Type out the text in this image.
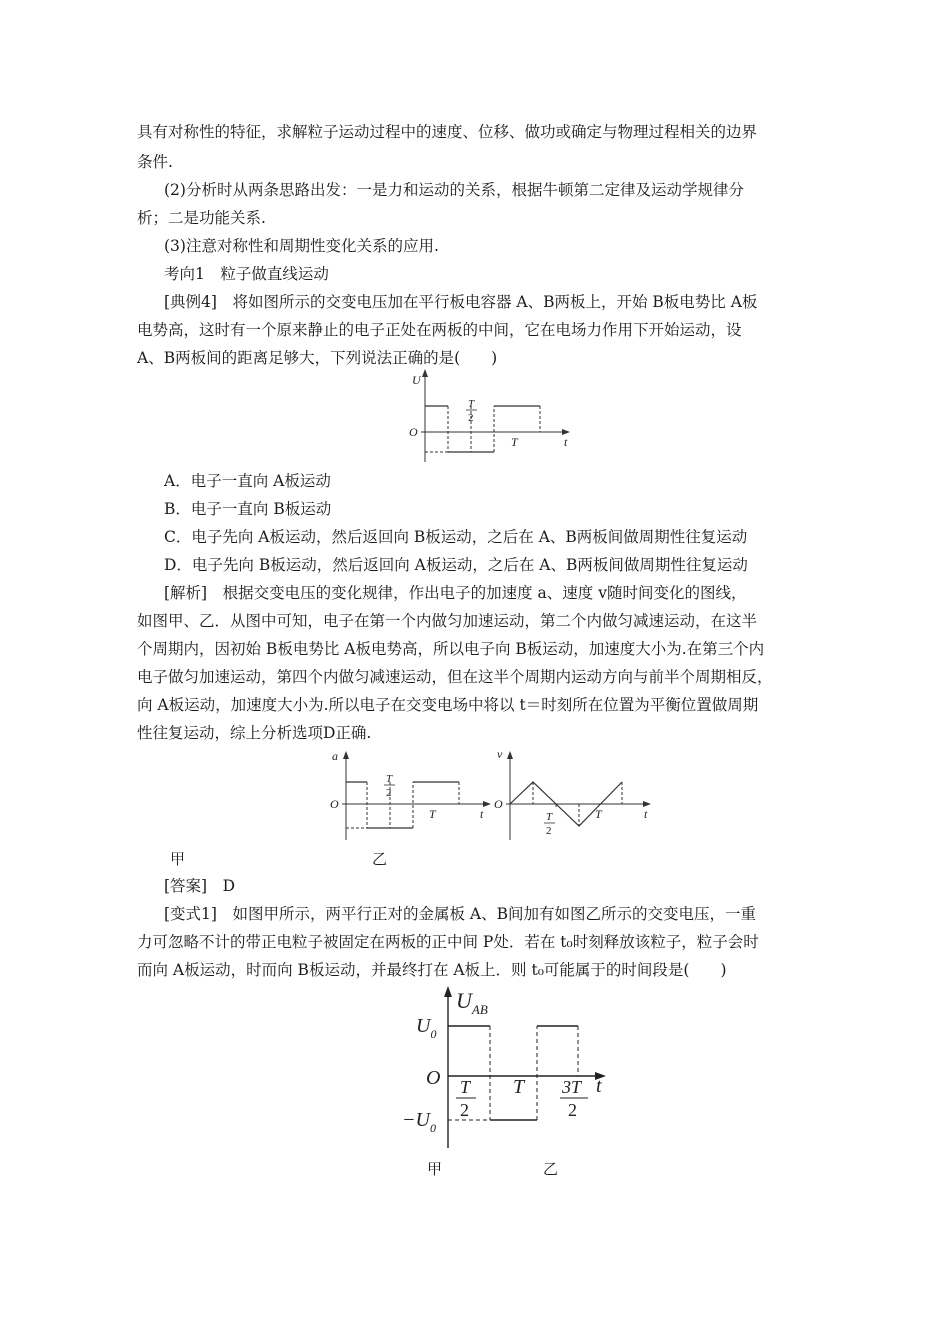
具有对称性的特征，求解粒子运动过程中的速度、位移、做功或确定与物理过程相关的边界
条件.
(2)分析时从两条思路出发：一是力和运动的关系，根据牛顿第二定律及运动学规律分
析；二是功能关系.
(3)注意对称性和周期性变化关系的应用.
考向1　粒子做直线运动
[典例4]　将如图所示的交变电压加在平行板电容器 A、B两板上，开始 B板电势比 A板
电势高，这时有一个原来静止的电子正处在两板的中间，它在电场力作用下开始运动，设
A、B两板间的距离足够大，下列说法正确的是(　　)
U
O
t
T
T
2
A．电子一直向 A板运动
B．电子一直向 B板运动
C．电子先向 A板运动，然后返回向 B板运动，之后在 A、B两板间做周期性往复运动
D．电子先向 B板运动，然后返回向 A板运动，之后在 A、B两板间做周期性往复运动
[解析]　根据交变电压的变化规律，作出电子的加速度 a、速度 v随时间变化的图线，
如图甲、乙．从图中可知，电子在第一个内做匀加速运动，第二个内做匀减速运动，在这半
个周期内，因初始 B板电势比 A板电势高，所以电子向 B板运动，加速度大小为.在第三个内
电子做匀加速运动，第四个内做匀减速运动，但在这半个周期内运动方向与前半个周期相反，
向 A板运动，加速度大小为.所以电子在交变电场中将以 t＝时刻所在位置为平衡位置做周期
性往复运动，综上分析选项D正确.
a
O
t
T
T
2
v
O
t
T
T
2
甲	乙
[答案]　D
[变式1]　如图甲所示，两平行正对的金属板 A、B间加有如图乙所示的交变电压，一重
力可忽略不计的带正电粒子被固定在两板的正中间 P处．若在 t₀时刻释放该粒子，粒子会时
而向 A板运动，时而向 B板运动，并最终打在 A板上．则 t₀可能属于的时间段是(　　)
$U_{AB}$
$U_0$
$-U_0$
O	t
T
T
2
3T
2
甲	乙
